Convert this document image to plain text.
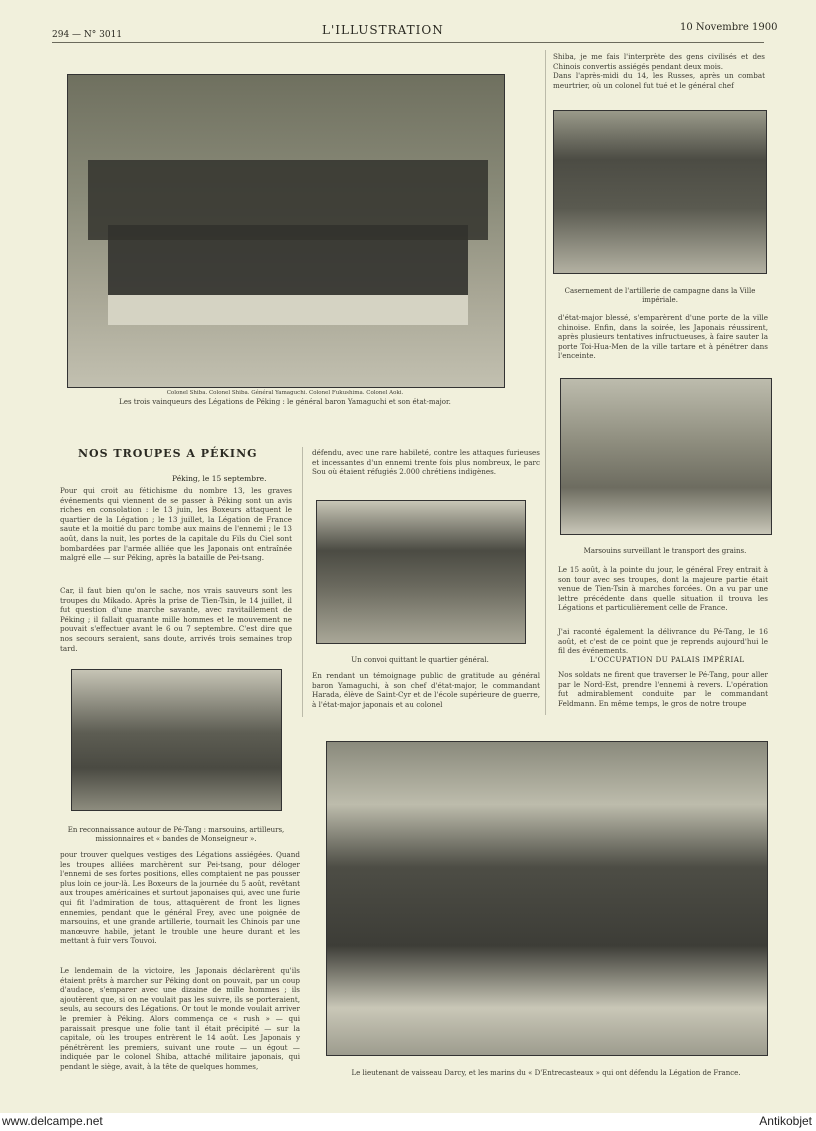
294 — N° 3011	L'ILLUSTRATION	10 Novembre 1900
Colonel Shiba. Colonel Shiba. Général Yamaguchi. Colonel Fukushima. Colonel Aoki.
Les trois vainqueurs des Légations de Péking : le général baron Yamaguchi et son état-major.
Casernement de l'artillerie de campagne dans la Ville impériale.
Marsouins surveillant le transport des grains.
Un convoi quittant le quartier général.
En reconnaissance autour de Pé-Tang : marsouins, artilleurs, missionnaires et « bandes de Monseigneur ».
Le lieutenant de vaisseau Darcy, et les marins du « D'Entrecasteaux » qui ont défendu la Légation de France.
NOS TROUPES A PÉKING
Péking, le 15 septembre.
Pour qui croit au fétichisme du nombre 13, les graves événements qui viennent de se passer à Péking sont un avis riches en consolation : le 13 juin, les Boxeurs attaquent le quartier de la Légation ; le 13 juillet, la Légation de France saute et la moitié du parc tombe aux mains de l'ennemi ; le 13 août, dans la nuit, les portes de la capitale du Fils du Ciel sont bombardées par l'armée alliée que les Japonais ont entraînée malgré elle — sur Péking, après la bataille de Pei-tsang.
Car, il faut bien qu'on le sache, nos vrais sauveurs sont les troupes du Mikado. Après la prise de Tien-Tsin, le 14 juillet, il fut question d'une marche savante, avec ravitaillement de Péking ; il fallait quarante mille hommes et le mouvement ne pouvait s'effectuer avant le 6 ou 7 septembre. C'est dire que nos secours seraient, sans doute, arrivés trois semaines trop tard.
pour trouver quelques vestiges des Légations assiégées. Quand les troupes alliées marchèrent sur Pei-tsang, pour déloger l'ennemi de ses fortes positions, elles comptaient ne pas pousser plus loin ce jour-là. Les Boxeurs de la journée du 5 août, revêtant aux troupes américaines et surtout japonaises qui, avec une furie qui fit l'admiration de tous, attaquèrent de front les lignes ennemies, pendant que le général Frey, avec une poignée de marsouins, et une grande artillerie, tournait les Chinois par une manœuvre habile, jetant le trouble une heure durant et les mettant à fuir vers Touvoi.
Le lendemain de la victoire, les Japonais déclarèrent qu'ils étaient prêts à marcher sur Péking dont on pouvait, par un coup d'audace, s'emparer avec une dizaine de mille hommes ; ils ajoutèrent que, si on ne voulait pas les suivre, ils se porteraient, seuls, au secours des Légations. Or tout le monde voulait arriver le premier à Péking. Alors commença ce « rush » — qui paraissait presque une folie tant il était précipité — sur la capitale, où les troupes entrèrent le 14 août. Les Japonais y pénétrèrent les premiers, suivant une route — un égout — indiquée par le colonel Shiba, attaché militaire japonais, qui pendant le siège, avait, à la tête de quelques hommes,
défendu, avec une rare habileté, contre les attaques furieuses et incessantes d'un ennemi trente fois plus nombreux, le parc Sou où étaient réfugiés 2.000 chrétiens indigènes.
En rendant un témoignage public de gratitude au général baron Yamaguchi, à son chef d'état-major, le commandant Harada, élève de Saint-Cyr et de l'école supérieure de guerre, à l'état-major japonais et au colonel
Shiba, je me fais l'interprète des gens civilisés et des Chinois convertis assiégés pendant deux mois.
Dans l'après-midi du 14, les Russes, après un combat meurtrier, où un colonel fut tué et le général chef
d'état-major blessé, s'emparèrent d'une porte de la ville chinoise. Enfin, dans la soirée, les Japonais réussirent, après plusieurs tentatives infructueuses, à faire sauter la porte Toi-Hua-Men de la ville tartare et à pénétrer dans l'enceinte.
Le 15 août, à la pointe du jour, le général Frey entrait à son tour avec ses troupes, dont la majeure partie était venue de Tien-Tsin à marches forcées. On a vu par une lettre précédente dans quelle situation il trouva les Légations et particulièrement celle de France.
J'ai raconté également la délivrance du Pé-Tang, le 16 août, et c'est de ce point que je reprends aujourd'hui le fil des événements.
L'OCCUPATION DU PALAIS IMPÉRIAL
Nos soldats ne firent que traverser le Pé-Tang, pour aller par le Nord-Est, prendre l'ennemi à revers. L'opération fut admirablement conduite par le commandant Feldmann. En même temps, le gros de notre troupe
www.delcampe.net	Antikobjet
